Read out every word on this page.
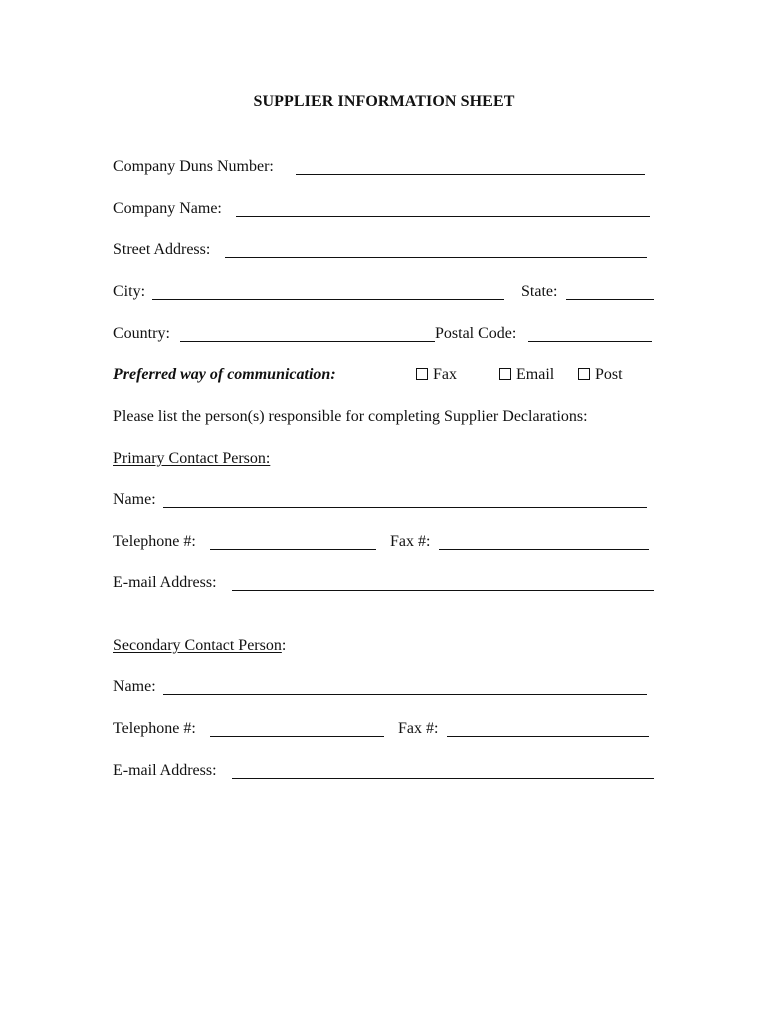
SUPPLIER INFORMATION SHEET
Company Duns Number:
Company Name:
Street Address:
City:	State:
Country:	Postal Code:
Preferred way of communication:	Fax	Email	Post
Please list the person(s) responsible for completing Supplier Declarations:
Primary Contact Person:
Name:
Telephone #:	Fax #:
E-mail Address:
Secondary Contact Person:
Name:
Telephone #:	Fax #:
E-mail Address:
